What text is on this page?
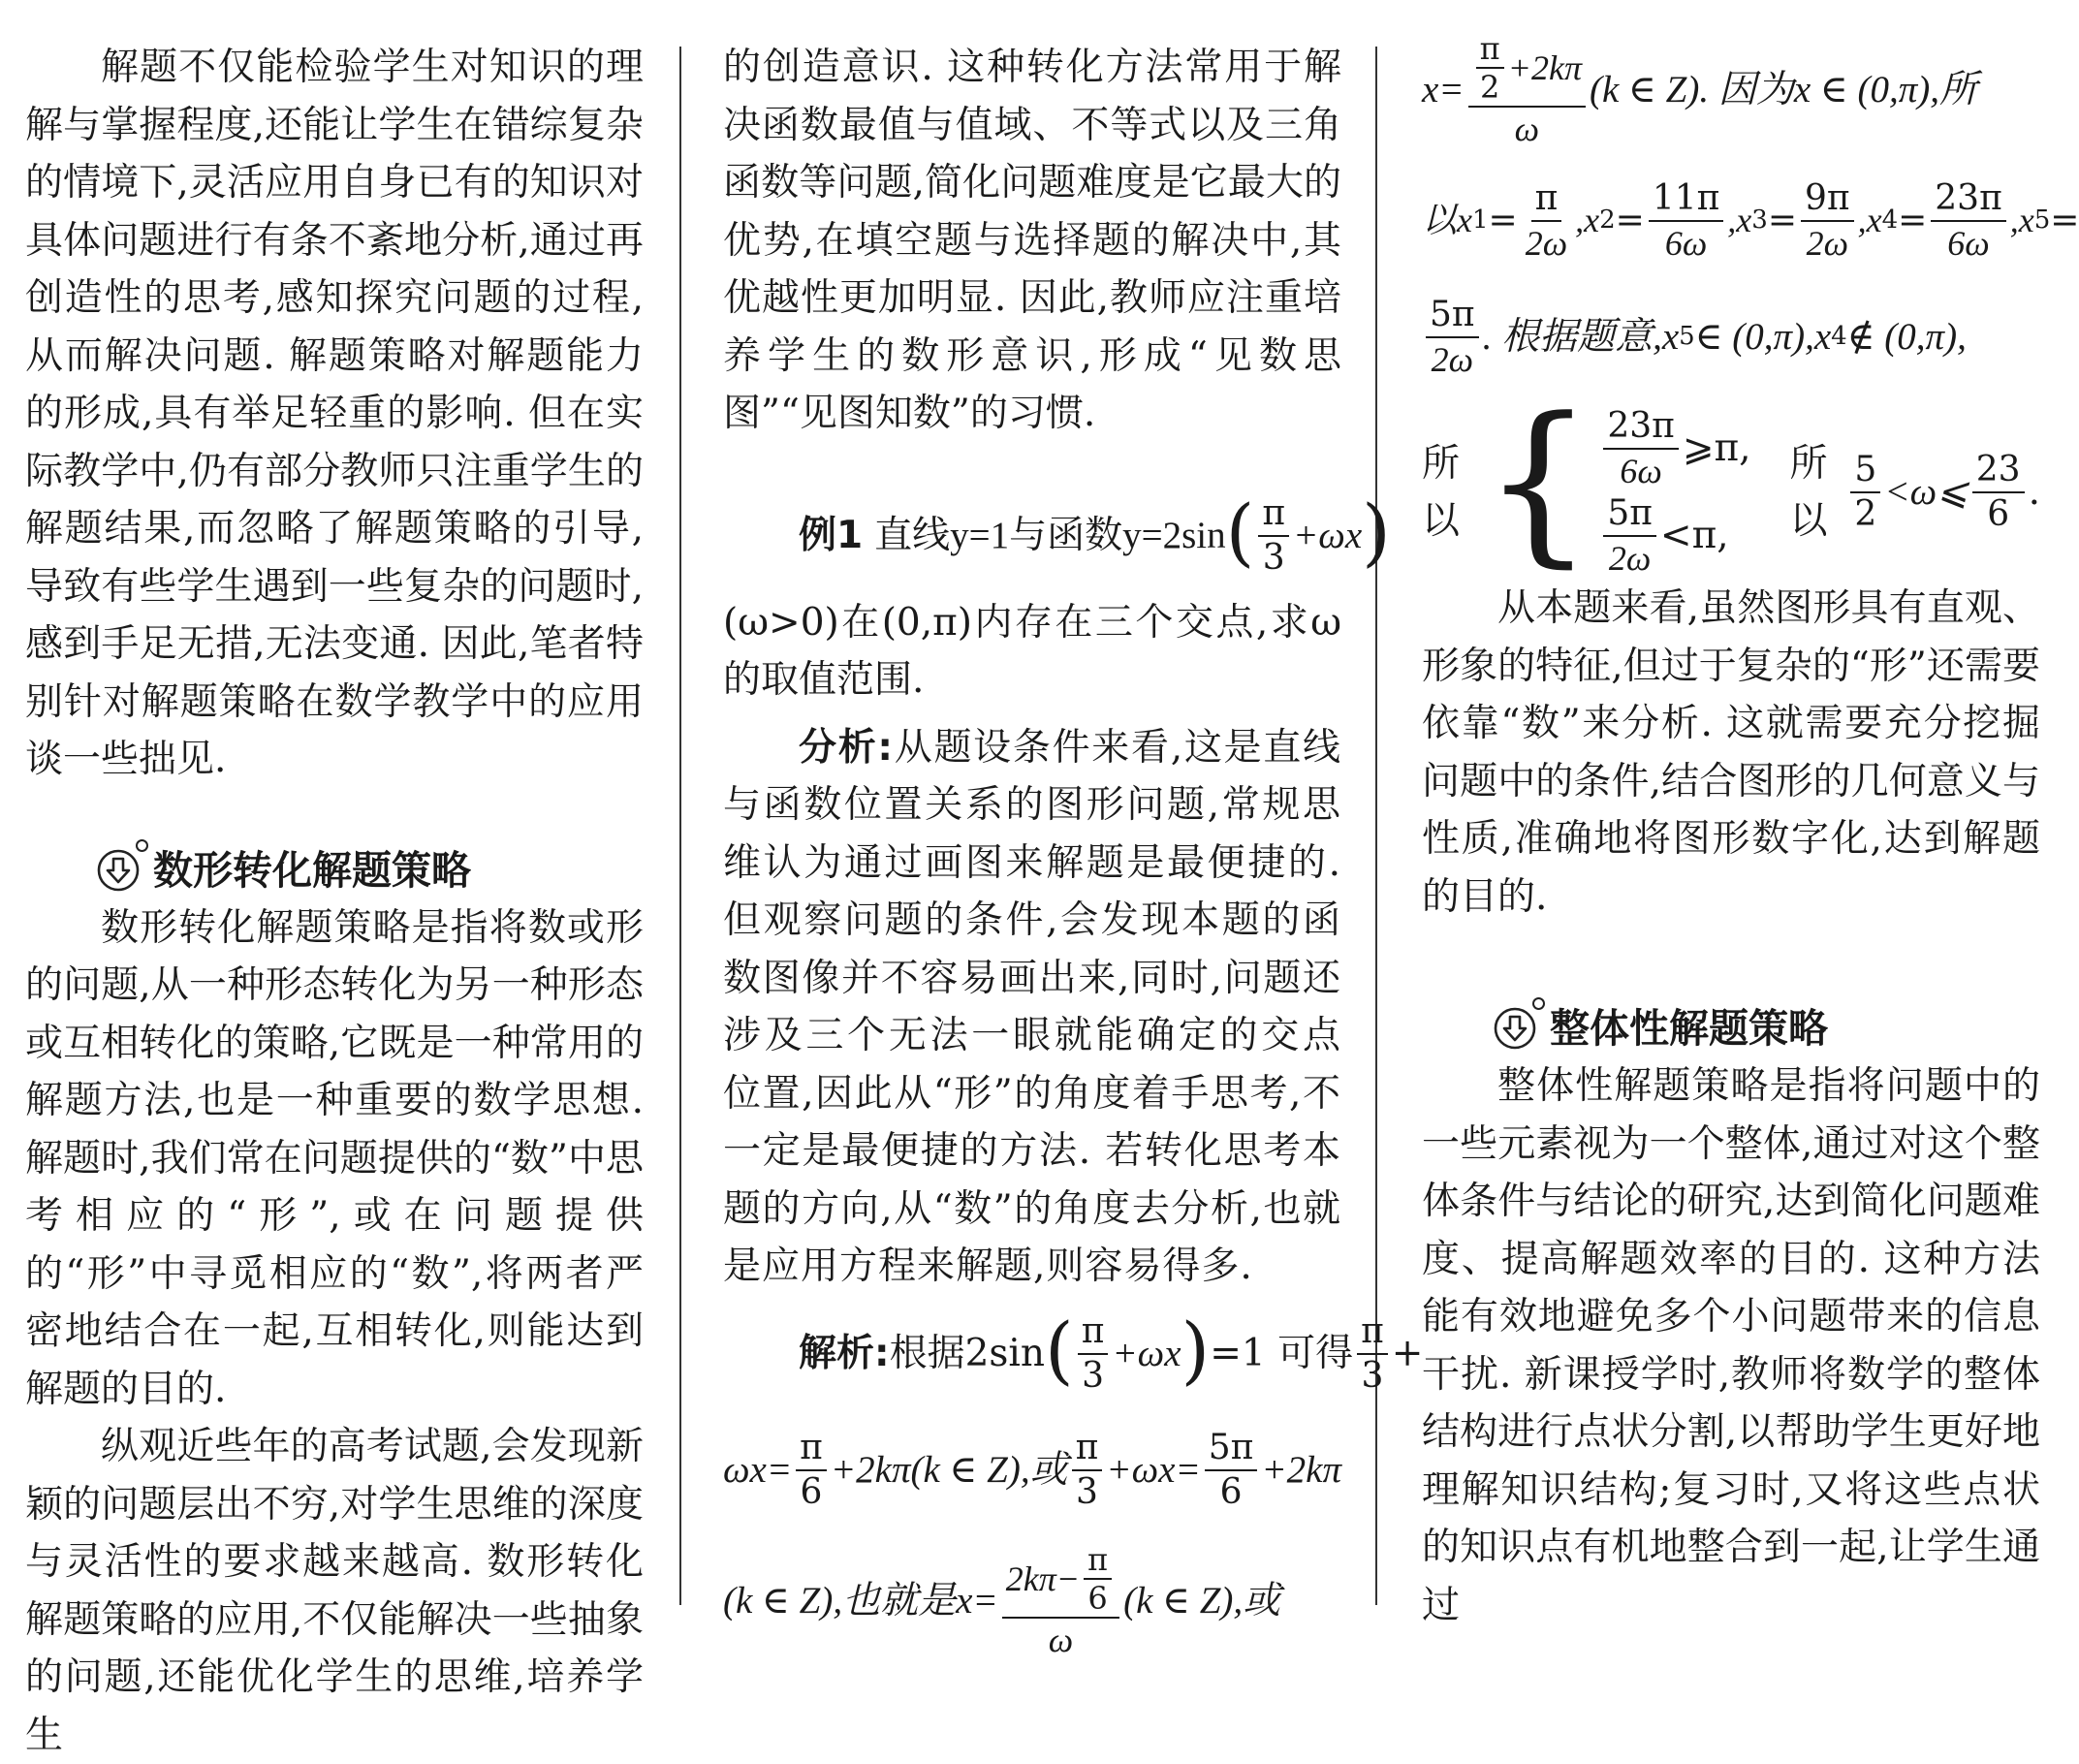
解题不仅能检验学生对知识的理解与掌握程度,还能让学生在错综复杂的情境下,灵活应用自身已有的知识对具体问题进行有条不紊地分析,通过再创造性的思考,感知探究问题的过程,从而解决问题. 解题策略对解题能力的形成,具有举足轻重的影响. 但在实际教学中,仍有部分教师只注重学生的解题结果,而忽略了解题策略的引导,导致有些学生遇到一些复杂的问题时,感到手足无措,无法变通. 因此,笔者特别针对解题策略在数学教学中的应用谈一些拙见.

数形转化解题策略

数形转化解题策略是指将数或形的问题,从一种形态转化为另一种形态或互相转化的策略,它既是一种常用的解题方法,也是一种重要的数学思想. 解题时,我们常在问题提供的“数”中思考相应的“形”,或在问题提供的“形”中寻觅相应的“数”,将两者严密地结合在一起,互相转化,则能达到解题的目的.

纵观近些年的高考试题,会发现新颖的问题层出不穷,对学生思维的深度与灵活性的要求越来越高. 数形转化解题策略的应用,不仅能解决一些抽象的问题,还能优化学生的思维,培养学生

的创造意识. 这种转化方法常用于解决函数最值与值域、不等式以及三角函数等问题,简化问题难度是它最大的优势,在填空题与选择题的解决中,其优越性更加明显. 因此,教师应注重培养学生的数形意识,形成“见数思图”“见图知数”的习惯.

例1 直线y=1与函数y=2sin ( $\frac{\pi}{3} +\omega x$ )

(ω>0)在(0,π)内存在三个交点,求ω的取值范围.

分析:从题设条件来看,这是直线与函数位置关系的图形问题,常规思维认为通过画图来解题是最便捷的. 但观察问题的条件,会发现本题的函数图像并不容易画出来,同时,问题还涉及三个无法一眼就能确定的交点位置,因此从“形”的角度着手思考,不一定是最便捷的方法. 若转化思考本题的方向,从“数”的角度去分析,也就是应用方程来解题,则容易得多.

解析: 根据2sin ( $\frac{\pi}{3} +\omega x$ ) =1 可得 $\frac{\pi}{3}$ +
$\omega x= \frac{\pi}{6} +2k\pi(k$ ∈ Z),或 $\frac{\pi}{3} +\omega x= \frac{5\pi}{6} +2k\pi$
(k ∈ Z),也就是$x= \frac{2k\pi- \frac{\pi}{6}}{\omega} (k$ ∈ Z),或
$x= \frac{\frac{\pi}{2} +2k\pi}{\omega} (k$ ∈ Z). 因为x ∈ (0,π),所
以x $1 = \frac{\pi}{2\omega} ,x$ $2 = \frac{11\pi}{6\omega} ,x$ $3 = \frac{9\pi}{2\omega} ,x$ $4 = \frac{23\pi}{6\omega} ,x$ 5 =
$\frac{5\pi}{2\omega}$ . 根据题意,x 5 ∈ (0,π),x 4 ∉ (0,π),
所以 { $\frac{23\pi}{6\omega}$ ⩾π,
$\frac{5\pi}{2\omega} <\pi$,
所以 $\frac{5}{2}$ <ω⩽ $\frac{23}{6}$ .

从本题来看,虽然图形具有直观、形象的特征,但过于复杂的“形”还需要依靠“数”来分析. 这就需要充分挖掘问题中的条件,结合图形的几何意义与性质,准确地将图形数字化,达到解题的目的.

整体性解题策略

整体性解题策略是指将问题中的一些元素视为一个整体,通过对这个整体条件与结论的研究,达到简化问题难度、提高解题效率的目的. 这种方法能有效地避免多个小问题带来的信息干扰. 新课授学时,教师将数学的整体结构进行点状分割,以帮助学生更好地理解知识结构;复习时,又将这些点状的知识点有机地整合到一起,让学生通过
